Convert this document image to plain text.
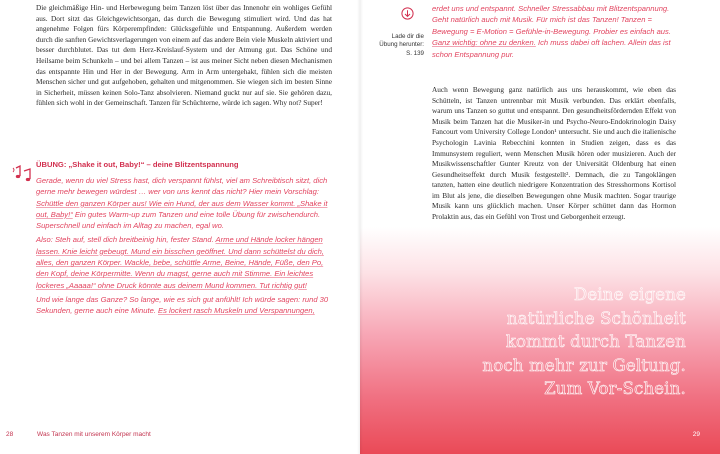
Die gleichmäßige Hin- und Herbewegung beim Tanzen löst über das Innenohr ein wohliges Gefühl aus. Dort sitzt das Gleichgewichtsorgan, das durch die Bewegung stimuliert wird. Und das hat angenehme Folgen fürs Körperempfinden: Glücksgefühle und Entspannung. Außerdem werden durch die sanften Gewichtsverlagerungen von einem auf das andere Bein viele Muskeln aktiviert und besser durchblutet. Das tut dem Herz-Kreislauf-System und der Atmung gut. Das Schöne und Heilsame beim Schunkeln – und bei allem Tanzen – ist aus meiner Sicht neben diesen Mechanismen das entspannte Hin und Her in der Bewegung. Arm in Arm untergehakt, fühlen sich die meisten Menschen sicher und gut aufgehoben, gehalten und mitgenommen. Sie wiegen sich im besten Sinne in Sicherheit, müssen keinen Solo-Tanz absolvieren. Niemand guckt nur auf sie. Sie gehören dazu, fühlen sich wohl in der Gemeinschaft. Tanzen für Schüchterne, würde ich sagen. Why not? Super!

ÜBUNG: „Shake it out, Baby!“ – deine Blitzentspannung

Gerade, wenn du viel Stress hast, dich verspannt fühlst, viel am Schreibtisch sitzt, dich gerne mehr bewegen würdest … wer von uns kennt das nicht? Hier mein Vorschlag: Schüttle den ganzen Körper aus! Wie ein Hund, der aus dem Wasser kommt. „Shake it out, Baby!“ Ein gutes Warm-up zum Tanzen und eine tolle Übung für zwischendurch. Superschnell und einfach im Alltag zu machen, egal wo.

Also: Steh auf, stell dich breitbeinig hin, fester Stand. Arme und Hände locker hängen lassen. Knie leicht gebeugt. Mund ein bisschen geöffnet. Und dann schüttelst du dich, alles, den ganzen Körper. Wackle, bebe, schüttle Arme, Beine, Hände, Füße, den Po, den Kopf, deine Körpermitte. Wenn du magst, gerne auch mit Stimme. Ein leichtes lockeres „Aaaaa!“ ohne Druck könnte aus deinem Mund kommen. Tut richtig gut!

Und wie lange das Ganze? So lange, wie es sich gut anfühlt! Ich würde sagen: rund 30 Sekunden, gerne auch eine Minute. Es lockert rasch Muskeln und Verspannungen,

28	Was Tanzen mit unserem Körper macht
Lade dir die Übung herunter: S. 139

erdet uns und entspannt. Schneller Stressabbau mit Blitzentspannung. Geht natürlich auch mit Musik. Für mich ist das Tanzen! Tanzen = Bewegung = E-Motion = Gefühle-in-Bewegung. Probier es einfach aus. Ganz wichtig: ohne zu denken. Ich muss dabei oft lachen. Allein das ist schon Entspannung pur.

Auch wenn Bewegung ganz natürlich aus uns herauskommt, wie eben das Schütteln, ist Tanzen untrennbar mit Musik verbunden. Das erklärt ebenfalls, warum uns Tanzen so guttut und entspannt. Den gesundheitsfördernden Effekt von Musik beim Tanzen hat die Musiker-in und Psycho-Neuro-Endokrinologin Daisy Fancourt vom University College London¹ untersucht. Sie und auch die italienische Psychologin Lavinia Rebecchini konnten in Studien zeigen, dass es das Immunsystem reguliert, wenn Menschen Musik hören oder musizieren. Auch der Musikwissenschaftler Gunter Kreutz von der Universität Oldenburg hat einen Gesundheitseffekt durch Musik festgestellt². Demnach, die zu Tangoklängen tanzten, hatten eine deutlich niedrigere Konzentration des Stresshormons Kortisol im Blut als jene, die dieselben Bewegungen ohne Musik machten. Sogar traurige Musik kann uns glücklich machen. Unser Körper schüttet dann das Hormon Prolaktin aus, das ein Gefühl von Trost und Geborgenheit erzeugt.

Deine eigene
natürliche Schönheit
kommt durch Tanzen
noch mehr zur Geltung.
Zum Vor-Schein.
29
